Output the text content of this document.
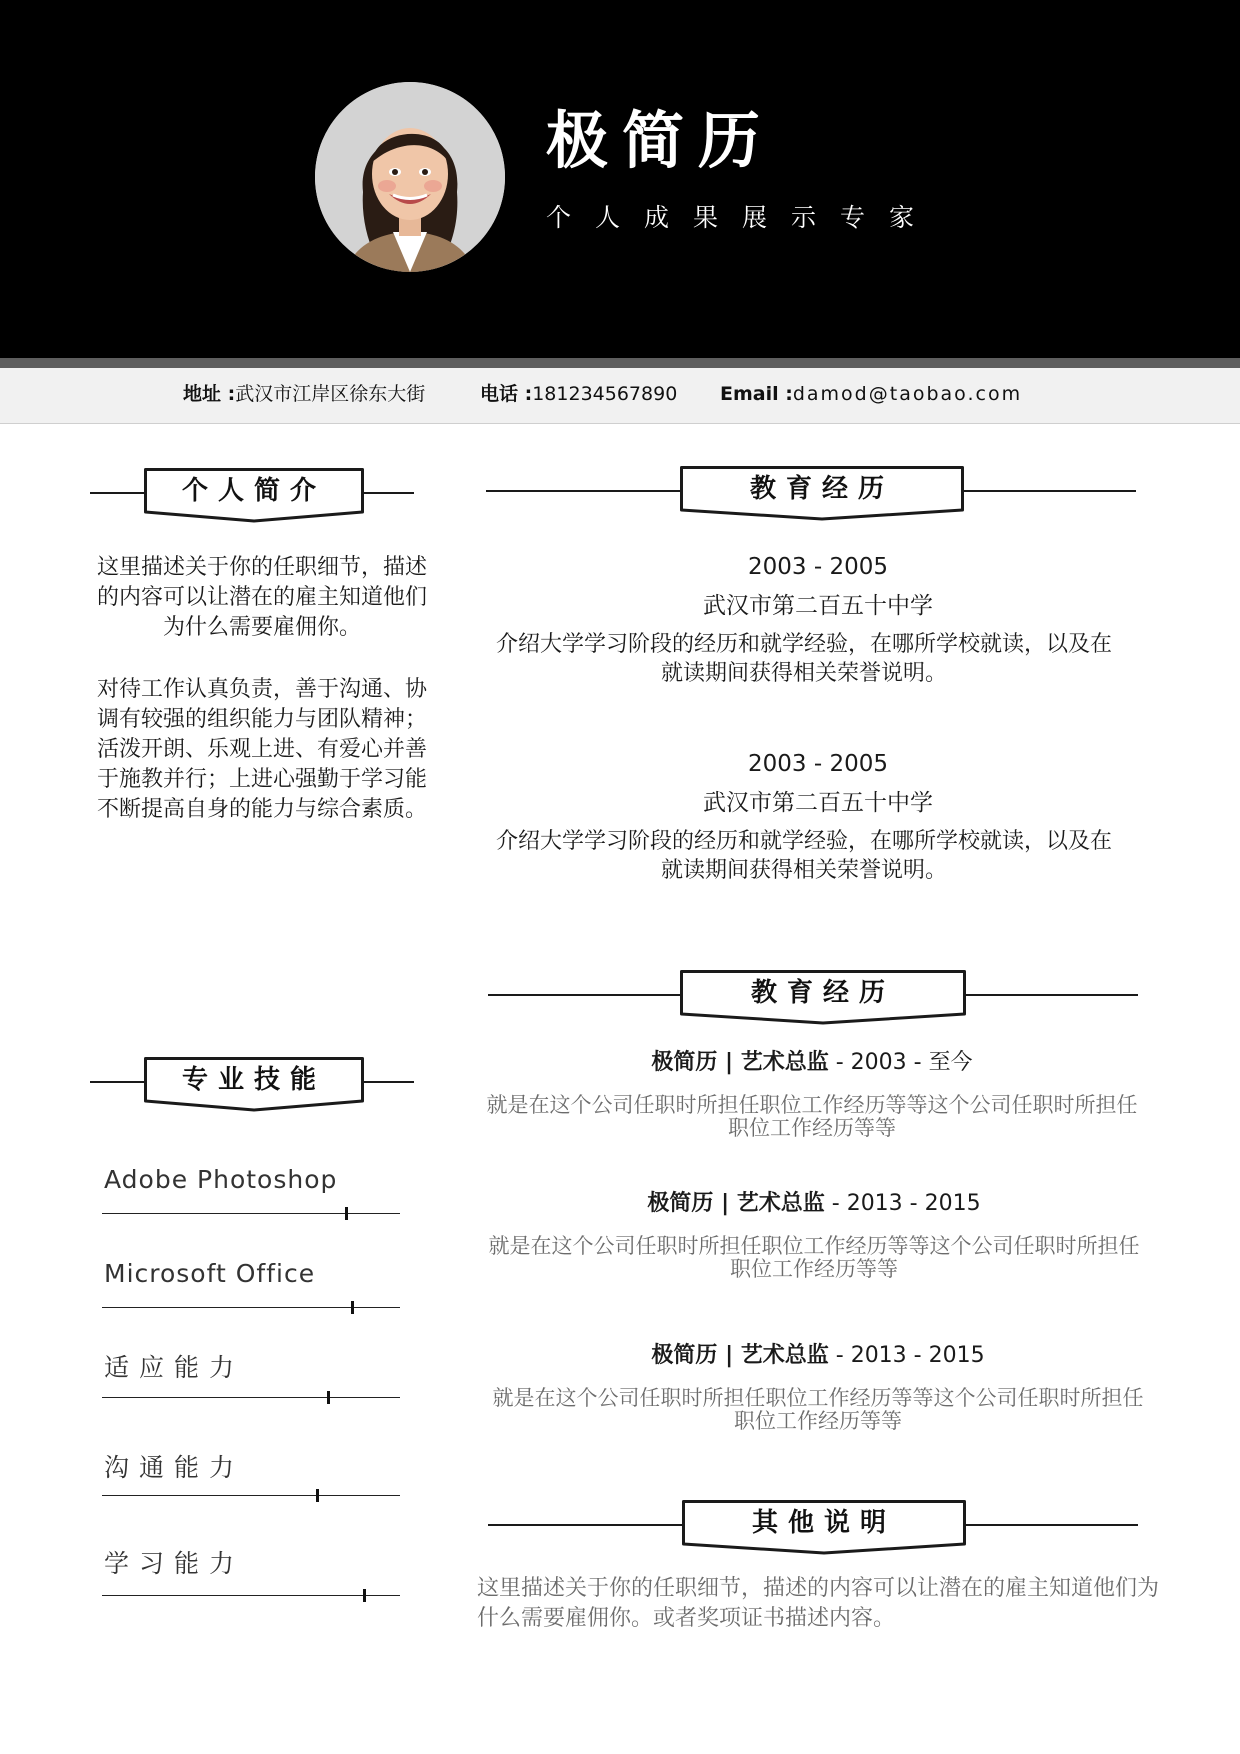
极简历
个人成果展示专家
地址 :武汉市江岸区徐东大街	电话 :181234567890 Email :damod@taobao.com
个人简介
这里描述关于你的任职细节，描述的内容可以让潜在的雇主知道他们为什么需要雇佣你。
对待工作认真负责，善于沟通、协调有较强的组织能力与团队精神；活泼开朗、乐观上进、有爱心并善于施教并行；上进心强勤于学习能不断提高自身的能力与综合素质。
教育经历
2003 - 2005
武汉市第二百五十中学
介绍大学学习阶段的经历和就学经验，在哪所学校就读，以及在就读期间获得相关荣誉说明。
2003 - 2005
武汉市第二百五十中学
介绍大学学习阶段的经历和就学经验，在哪所学校就读，以及在就读期间获得相关荣誉说明。
教育经历
极简历 | 艺术总监 - 2003 - 至今
就是在这个公司任职时所担任职位工作经历等等这个公司任职时所担任职位工作经历等等
极简历 | 艺术总监 - 2013 - 2015
就是在这个公司任职时所担任职位工作经历等等这个公司任职时所担任职位工作经历等等
极简历 | 艺术总监 - 2013 - 2015
就是在这个公司任职时所担任职位工作经历等等这个公司任职时所担任职位工作经历等等
专业技能
Adobe Photoshop
Microsoft Office
适应能力
沟通能力
学习能力
其他说明
这里描述关于你的任职细节，描述的内容可以让潜在的雇主知道他们为什么需要雇佣你。或者奖项证书描述内容。
